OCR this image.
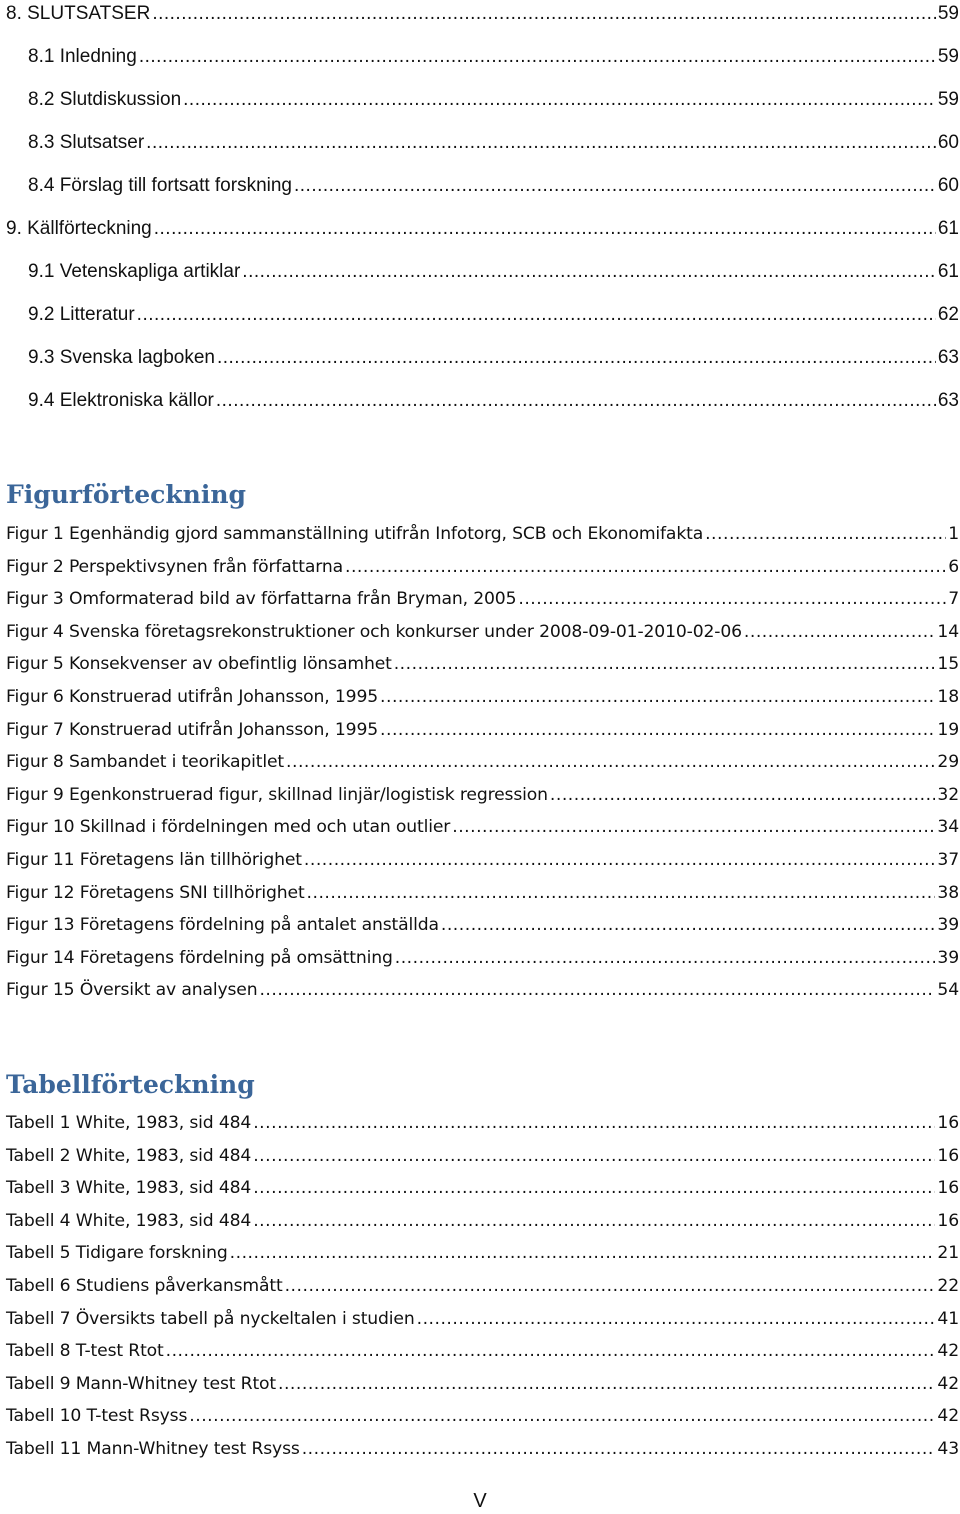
8. SLUTSATSER .....	59
8.1 Inledning .....	59
8.2 Slutdiskussion .....	59
8.3 Slutsatser .....	60
8.4 Förslag till fortsatt forskning .....	60
9. Källförteckning .....	61
9.1 Vetenskapliga artiklar .....	61
9.2 Litteratur .....	62
9.3 Svenska lagboken .....	63
9.4 Elektroniska källor .....	63
Figurförteckning
Figur 1 Egenhändig gjord sammanställning utifrån Infotorg, SCB och Ekonomifakta .....	1
Figur 2 Perspektivsynen från författarna .....	6
Figur 3 Omformaterad bild av författarna från Bryman, 2005 .....	7
Figur 4 Svenska företagsrekonstruktioner och konkurser under 2008-09-01-2010-02-06 .....	14
Figur 5 Konsekvenser av obefintlig lönsamhet .....	15
Figur 6 Konstruerad utifrån Johansson, 1995 .....	18
Figur 7 Konstruerad utifrån Johansson, 1995 .....	19
Figur 8 Sambandet i teorikapitlet .....	29
Figur 9 Egenkonstruerad figur, skillnad linjär/logistisk regression .....	32
Figur 10 Skillnad i fördelningen med och utan outlier .....	34
Figur 11 Företagens län tillhörighet .....	37
Figur 12 Företagens SNI tillhörighet .....	38
Figur 13 Företagens fördelning på antalet anställda .....	39
Figur 14 Företagens fördelning på omsättning .....	39
Figur 15 Översikt av analysen .....	54
Tabellförteckning
Tabell 1 White, 1983, sid 484 .....	16
Tabell 2 White, 1983, sid 484 .....	16
Tabell 3 White, 1983, sid 484 .....	16
Tabell 4 White, 1983, sid 484 .....	16
Tabell 5 Tidigare forskning .....	21
Tabell 6 Studiens påverkansmått .....	22
Tabell 7 Översikts tabell på nyckeltalen i studien .....	41
Tabell 8 T-test Rtot .....	42
Tabell 9 Mann-Whitney test Rtot .....	42
Tabell 10 T-test Rsyss .....	42
Tabell 11 Mann-Whitney test Rsyss .....	43
V
